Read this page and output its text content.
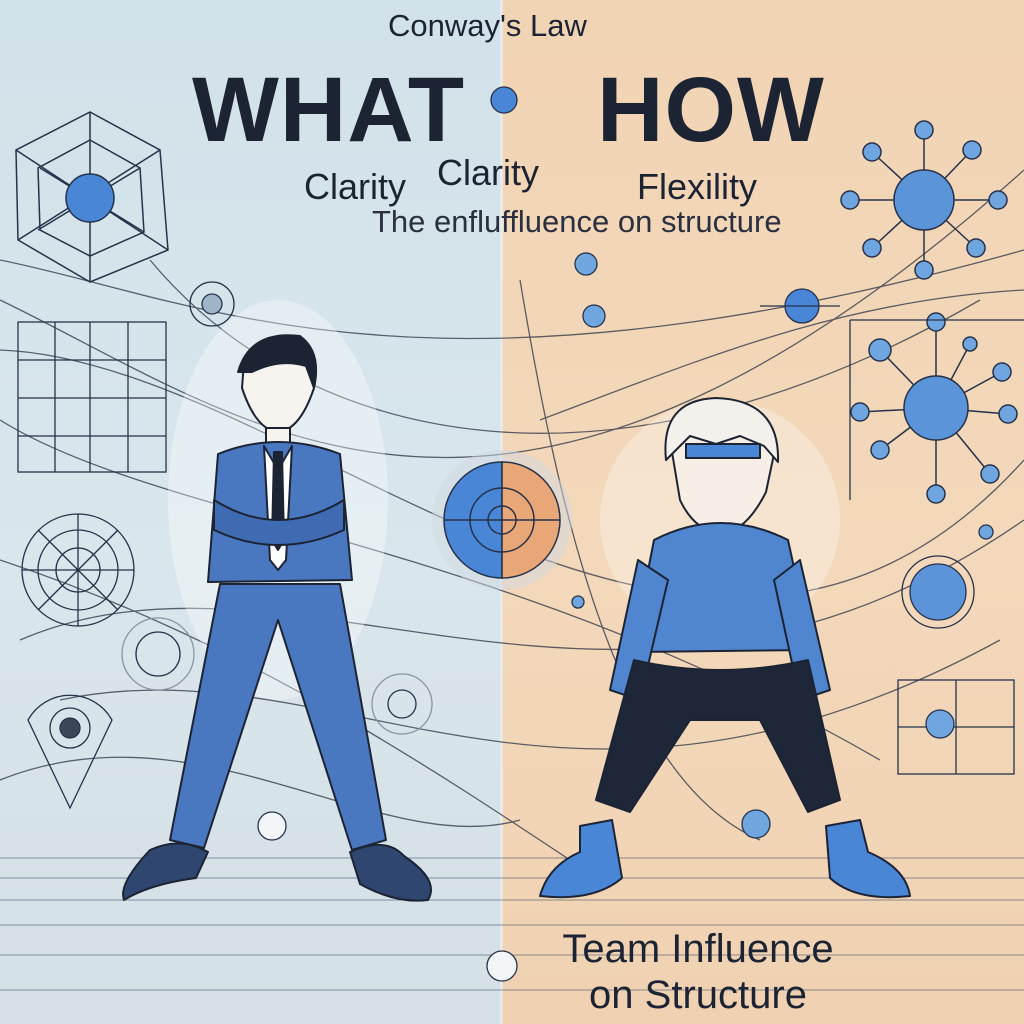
Conway's Law
WHAT HOW
Clarity Clarity	Flexility
The enfluffluence on structure
Team Influence
on Structure
